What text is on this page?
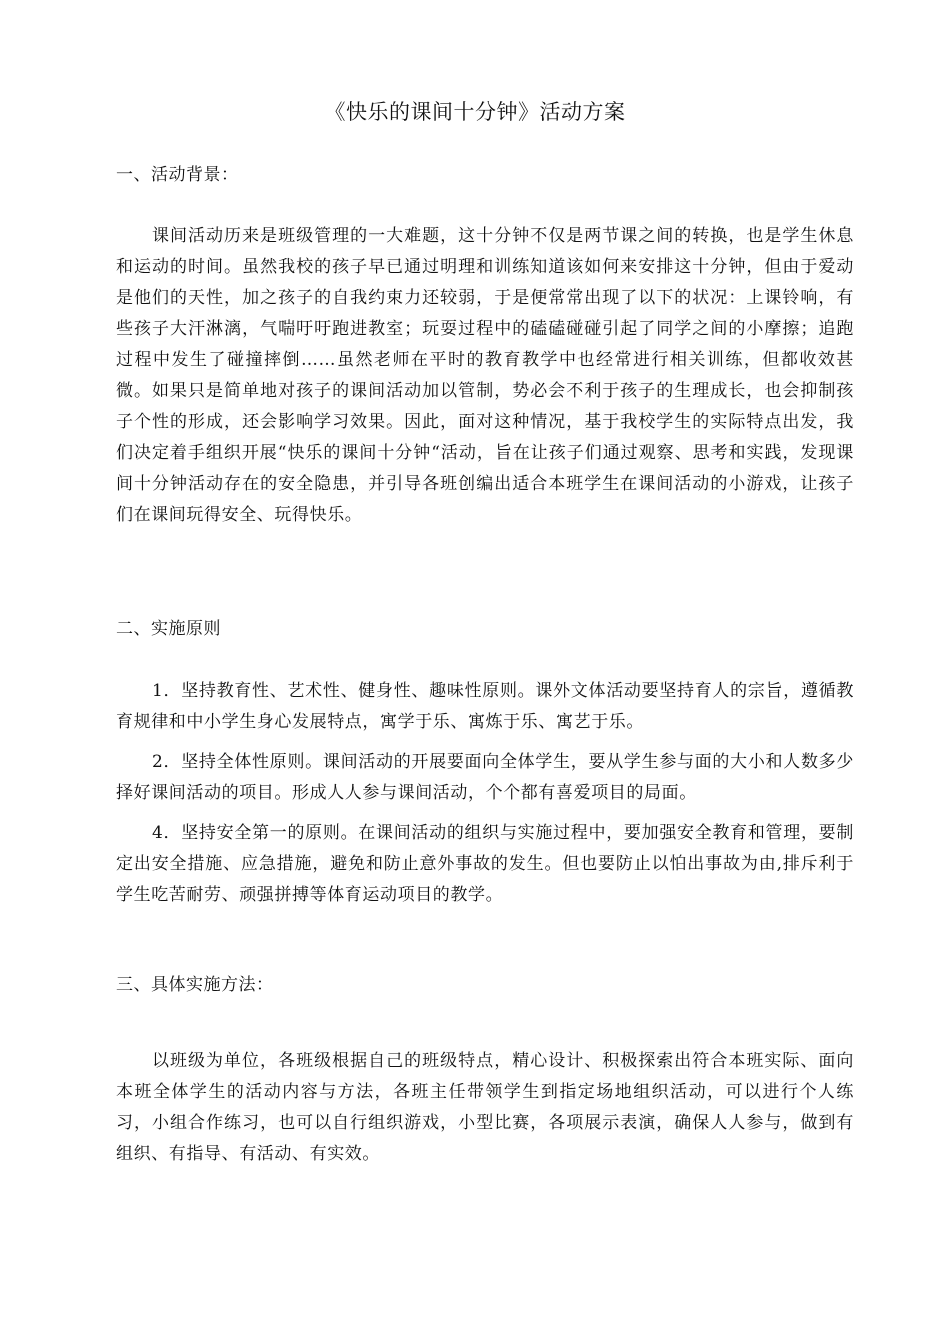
《快乐的课间十分钟》活动方案
一、活动背景：

课间活动历来是班级管理的一大难题，这十分钟不仅是两节课之间的转换，也是学生休息和运动的时间。虽然我校的孩子早已通过明理和训练知道该如何来安排这十分钟，但由于爱动是他们的天性，加之孩子的自我约束力还较弱，于是便常常出现了以下的状况：上课铃响，有些孩子大汗淋漓，气喘吁吁跑进教室；玩耍过程中的磕磕碰碰引起了同学之间的小摩擦；追跑过程中发生了碰撞摔倒……虽然老师在平时的教育教学中也经常进行相关训练，但都收效甚微。如果只是简单地对孩子的课间活动加以管制，势必会不利于孩子的生理成长，也会抑制孩子个性的形成，还会影响学习效果。因此，面对这种情况，基于我校学生的实际特点出发，我们决定着手组织开展“快乐的课间十分钟“活动，旨在让孩子们通过观察、思考和实践，发现课间十分钟活动存在的安全隐患，并引导各班创编出适合本班学生在课间活动的小游戏，让孩子们在课间玩得安全、玩得快乐。

二、实施原则

1．坚持教育性、艺术性、健身性、趣味性原则。课外文体活动要坚持育人的宗旨，遵循教育规律和中小学生身心发展特点，寓学于乐、寓炼于乐、寓艺于乐。

2．坚持全体性原则。课间活动的开展要面向全体学生，要从学生参与面的大小和人数多少择好课间活动的项目。形成人人参与课间活动，个个都有喜爱项目的局面。

4．坚持安全第一的原则。在课间活动的组织与实施过程中，要加强安全教育和管理，要制定出安全措施、应急措施，避免和防止意外事故的发生。但也要防止以怕出事故为由,排斥利于学生吃苦耐劳、顽强拼搏等体育运动项目的教学。

三、具体实施方法：

以班级为单位，各班级根据自己的班级特点，精心设计、积极探索出符合本班实际、面向本班全体学生的活动内容与方法，各班主任带领学生到指定场地组织活动，可以进行个人练习，小组合作练习，也可以自行组织游戏，小型比赛，各项展示表演，确保人人参与，做到有组织、有指导、有活动、有实效。
